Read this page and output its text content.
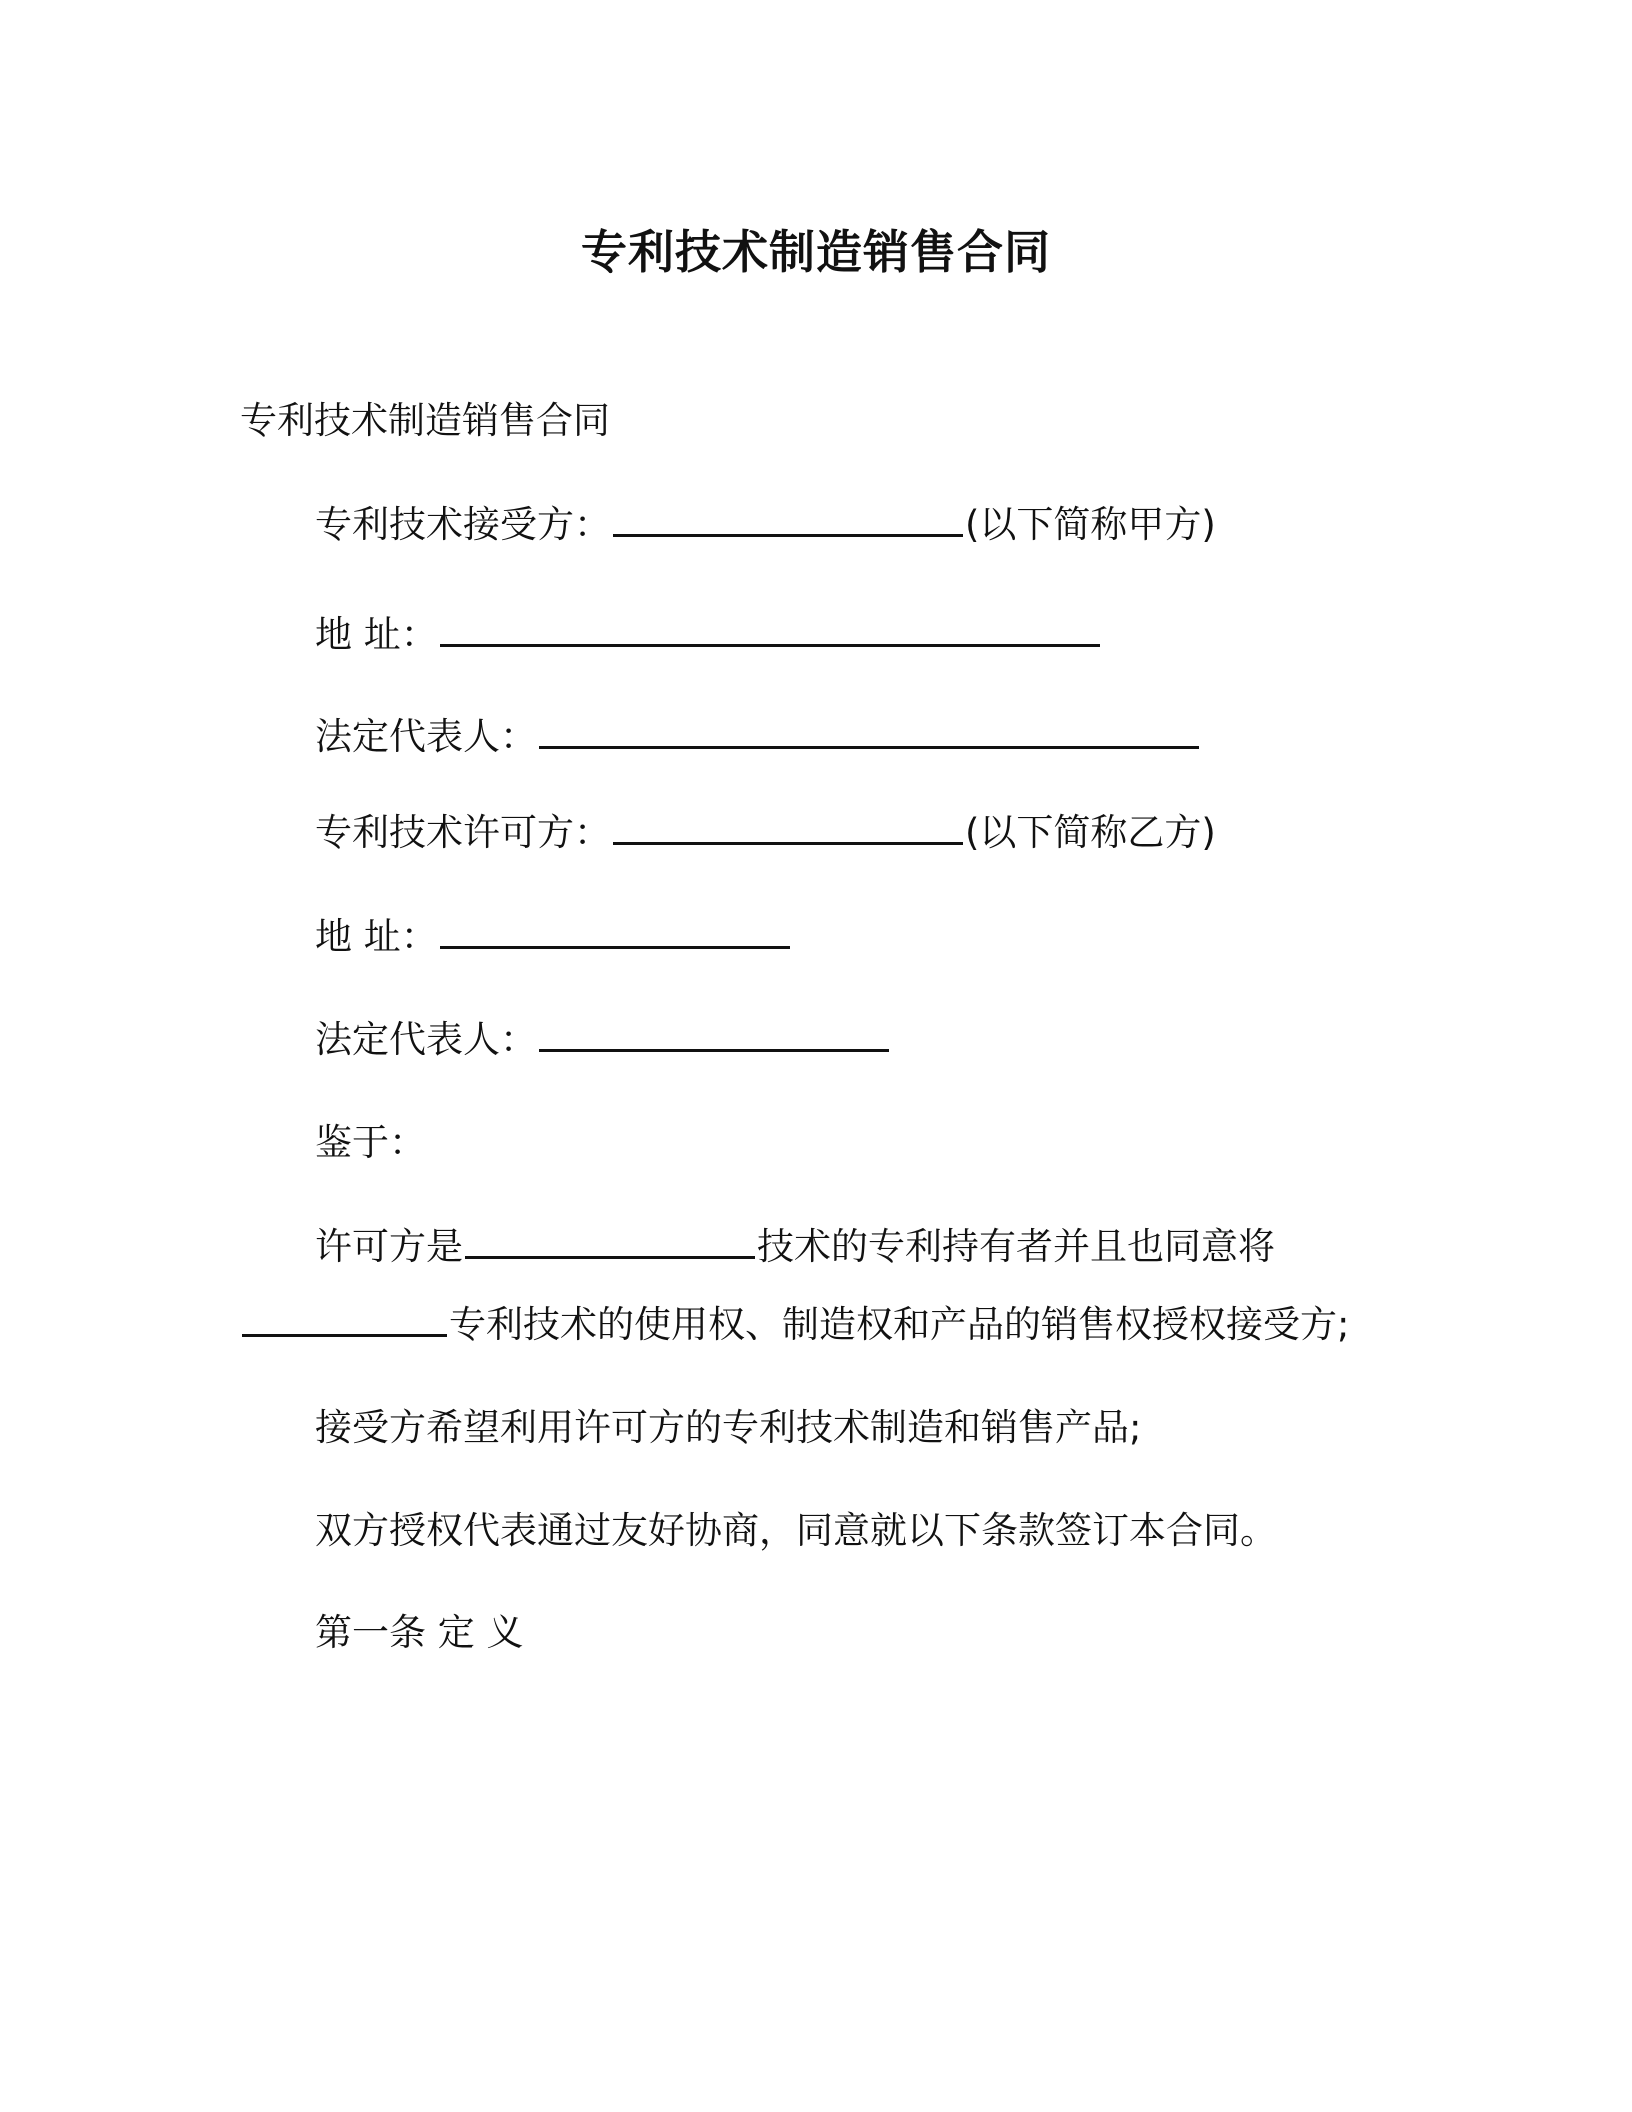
专利技术制造销售合同
专利技术制造销售合同
专利技术接受方：	(以下简称甲方)
地 址：
法定代表人：
专利技术许可方：	(以下简称乙方)
地 址：
法定代表人：
鉴于：
许可方是	技术的专利持有者并且也同意将
专利技术的使用权、制造权和产品的销售权授权接受方;
接受方希望利用许可方的专利技术制造和销售产品;
双方授权代表通过友好协商，同意就以下条款签订本合同。
第一条 定 义
